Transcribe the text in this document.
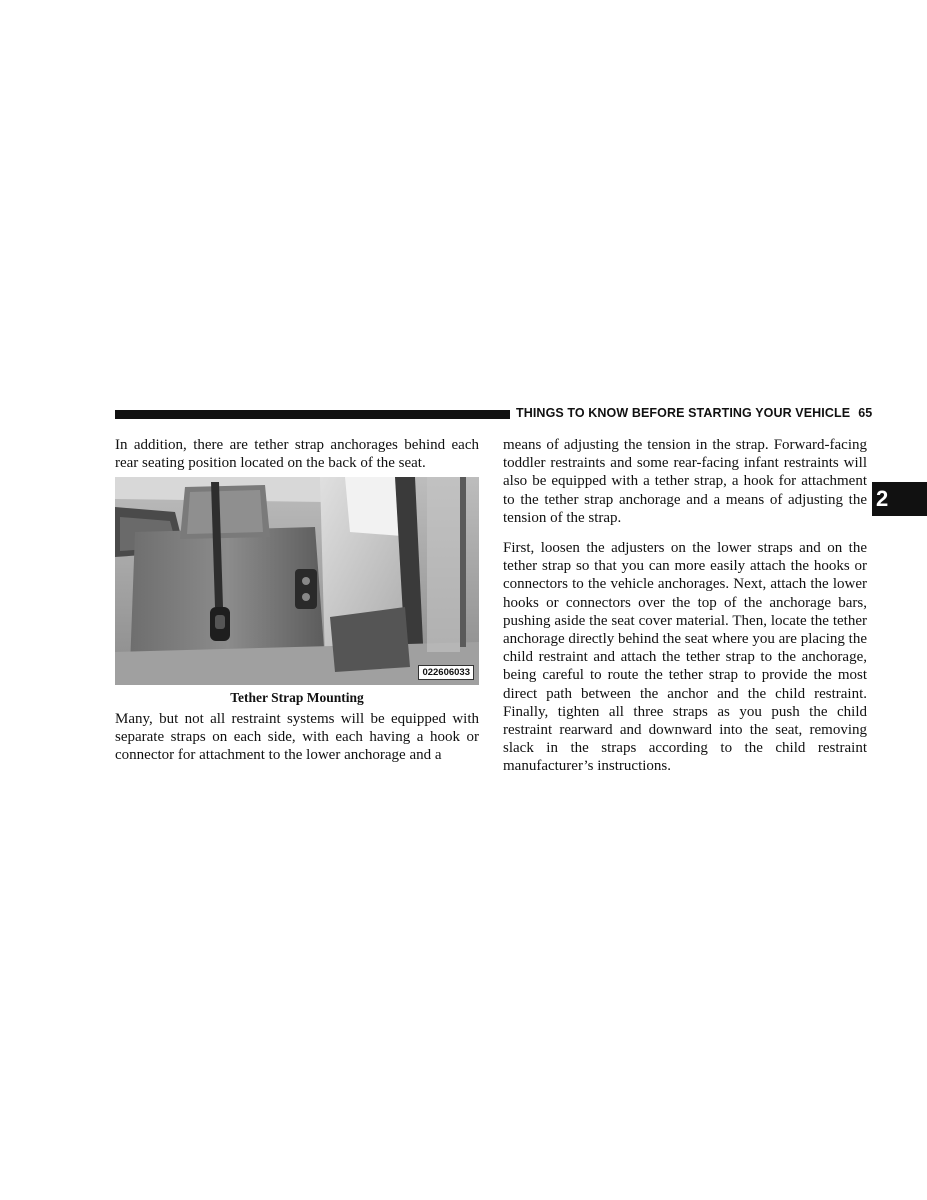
THINGS TO KNOW BEFORE STARTING YOUR VEHICLE 65
2

In addition, there are tether strap anchorages behind each rear seating position located on the back of the seat.

022606033
Tether Strap Mounting

Many, but not all restraint systems will be equipped with separate straps on each side, with each having a hook or connector for attachment to the lower anchorage and a

means of adjusting the tension in the strap. Forward-facing toddler restraints and some rear-facing infant restraints will also be equipped with a tether strap, a hook for attachment to the tether strap anchorage and a means of adjusting the tension of the strap.

First, loosen the adjusters on the lower straps and on the tether strap so that you can more easily attach the hooks or connectors to the vehicle anchorages. Next, attach the lower hooks or connectors over the top of the anchorage bars, pushing aside the seat cover material. Then, locate the tether anchorage directly behind the seat where you are placing the child restraint and attach the tether strap to the anchorage, being careful to route the tether strap to provide the most direct path between the anchor and the child restraint. Finally, tighten all three straps as you push the child restraint rearward and downward into the seat, removing slack in the straps according to the child restraint manufacturer’s instructions.
